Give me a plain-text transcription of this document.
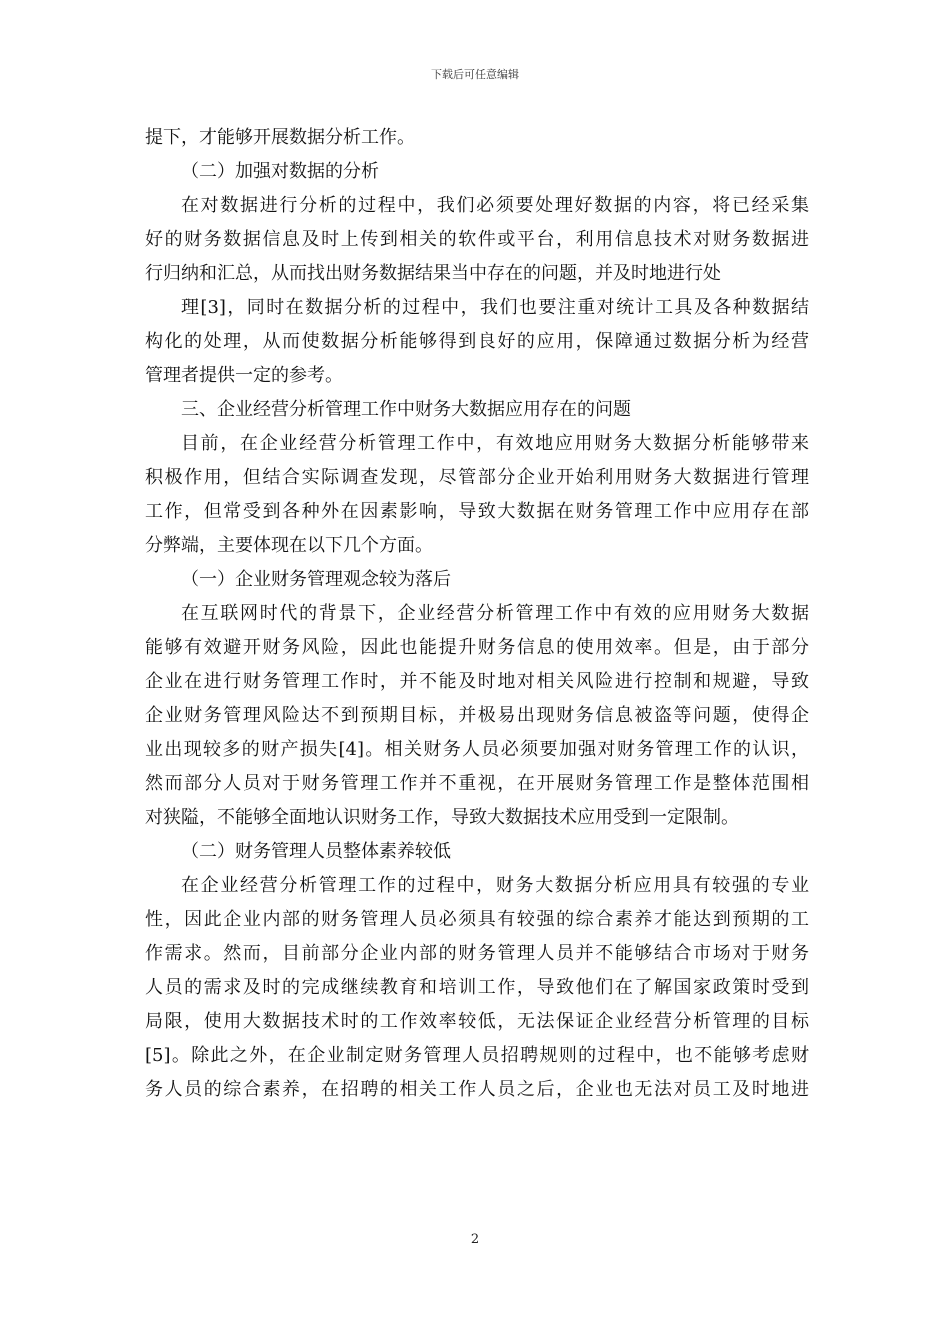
下载后可任意编辑
提下，才能够开展数据分析工作。
（二）加强对数据的分析
在对数据进行分析的过程中，我们必须要处理好数据的内容，将已经采集
好的财务数据信息及时上传到相关的软件或平台，利用信息技术对财务数据进
行归纳和汇总，从而找出财务数据结果当中存在的问题，并及时地进行处
理[3]，同时在数据分析的过程中，我们也要注重对统计工具及各种数据结
构化的处理，从而使数据分析能够得到良好的应用，保障通过数据分析为经营
管理者提供一定的参考。
三、企业经营分析管理工作中财务大数据应用存在的问题
目前，在企业经营分析管理工作中，有效地应用财务大数据分析能够带来
积极作用，但结合实际调查发现，尽管部分企业开始利用财务大数据进行管理
工作，但常受到各种外在因素影响，导致大数据在财务管理工作中应用存在部
分弊端，主要体现在以下几个方面。
（一）企业财务管理观念较为落后
在互联网时代的背景下，企业经营分析管理工作中有效的应用财务大数据
能够有效避开财务风险，因此也能提升财务信息的使用效率。但是，由于部分
企业在进行财务管理工作时，并不能及时地对相关风险进行控制和规避，导致
企业财务管理风险达不到预期目标，并极易出现财务信息被盗等问题，使得企
业出现较多的财产损失[4]。相关财务人员必须要加强对财务管理工作的认识，
然而部分人员对于财务管理工作并不重视，在开展财务管理工作是整体范围相
对狭隘，不能够全面地认识财务工作，导致大数据技术应用受到一定限制。
（二）财务管理人员整体素养较低
在企业经营分析管理工作的过程中，财务大数据分析应用具有较强的专业
性，因此企业内部的财务管理人员必须具有较强的综合素养才能达到预期的工
作需求。然而，目前部分企业内部的财务管理人员并不能够结合市场对于财务
人员的需求及时的完成继续教育和培训工作，导致他们在了解国家政策时受到
局限，使用大数据技术时的工作效率较低，无法保证企业经营分析管理的目标
[5]。除此之外，在企业制定财务管理人员招聘规则的过程中，也不能够考虑财
务人员的综合素养，在招聘的相关工作人员之后，企业也无法对员工及时地进
2
